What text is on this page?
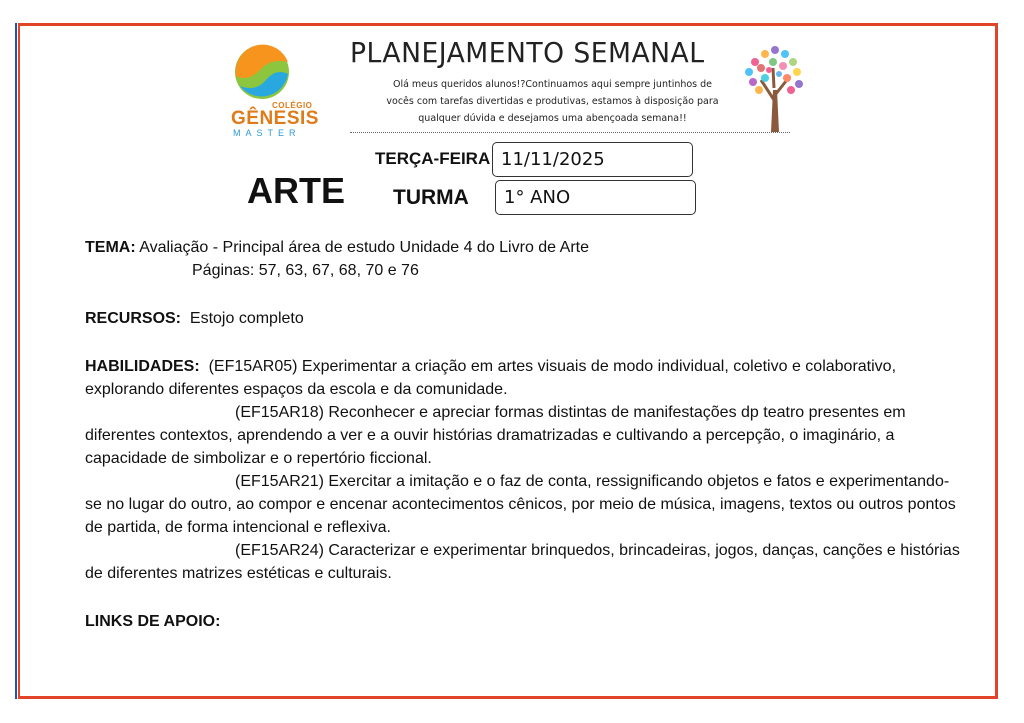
COLÉGIO
GÊNESIS
MASTER
PLANEJAMENTO SEMANAL
Olá meus queridos alunos!?Continuamos aqui sempre juntinhos de vocês com tarefas divertidas e produtivas, estamos à disposição para qualquer dúvida e desejamos uma abençoada semana!!
ARTE
TERÇA-FEIRA 11/11/2025
TURMA 1° ANO

TEMA: Avaliação - Principal área de estudo Unidade 4 do Livro de Arte

Páginas: 57, 63, 67, 68, 70 e 76

RECURSOS: Estojo completo

HABILIDADES: (EF15AR05) Experimentar a criação em artes visuais de modo individual, coletivo e colaborativo, explorando diferentes espaços da escola e da comunidade.

(EF15AR18) Reconhecer e apreciar formas distintas de manifestações dp teatro presentes em diferentes contextos, aprendendo a ver e a ouvir histórias dramatrizadas e cultivando a percepção, o imaginário, a capacidade de simbolizar e o repertório ficcional.

(EF15AR21) Exercitar a imitação e o faz de conta, ressignificando objetos e fatos e experimentando-se no lugar do outro, ao compor e encenar acontecimentos cênicos, por meio de música, imagens, textos ou outros pontos de partida, de forma intencional e reflexiva.

(EF15AR24) Caracterizar e experimentar brinquedos, brincadeiras, jogos, danças, canções e histórias de diferentes matrizes estéticas e culturais.

LINKS DE APOIO:
